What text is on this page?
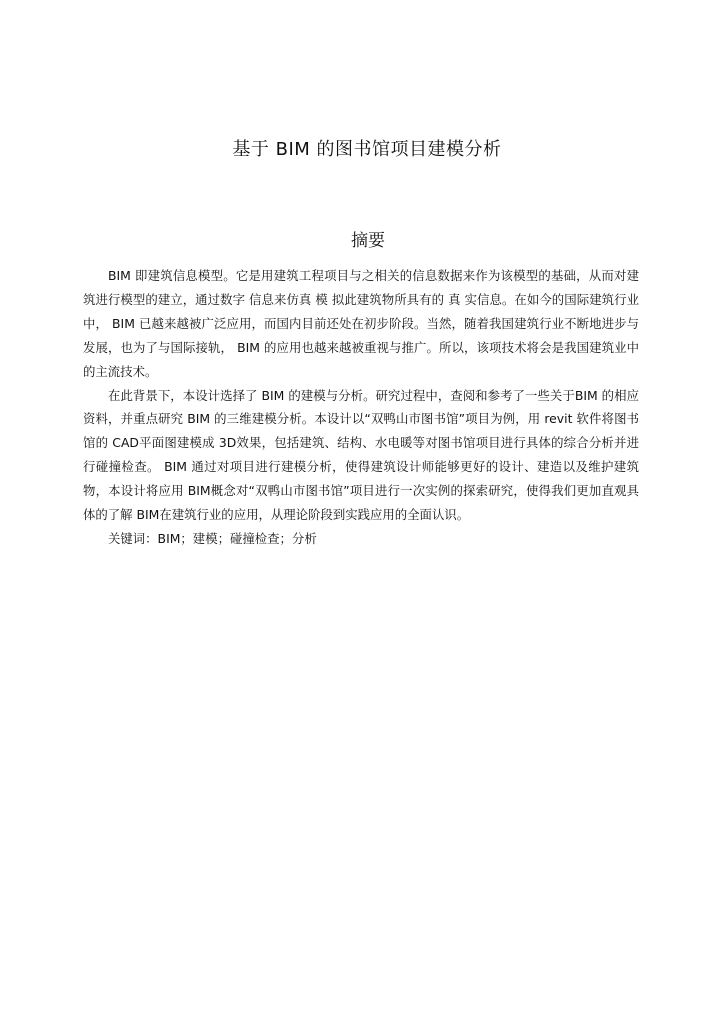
基于 BIM 的图书馆项目建模分析
摘要

BIM 即建筑信息模型。它是用建筑工程项目与之相关的信息数据来作为该模型的基础，从而对建筑进行模型的建立，通过数字 信息来仿真 模 拟此建筑物所具有的 真 实信息。在如今的国际建筑行业中， BIM 已越来越被广泛应用，而国内目前还处在初步阶段。当然，随着我国建筑行业不断地进步与发展，也为了与国际接轨， BIM 的应用也越来越被重视与推广。所以，该项技术将会是我国建筑业中的主流技术。

在此背景下，本设计选择了 BIM 的建模与分析。研究过程中，查阅和参考了一些关于BIM 的相应资料，并重点研究 BIM 的三维建模分析。本设计以“双鸭山市图书馆”项目为例，用 revit 软件将图书馆的 CAD平面图建模成 3D效果，包括建筑、结构、水电暖等对图书馆项目进行具体的综合分析并进行碰撞检查。 BIM 通过对项目进行建模分析，使得建筑设计师能够更好的设计、建造以及维护建筑物，本设计将应用 BIM概念对“双鸭山市图书馆”项目进行一次实例的探索研究，使得我们更加直观具体的了解 BIM在建筑行业的应用，从理论阶段到实践应用的全面认识。

关键词：BIM；建模；碰撞检查；分析
